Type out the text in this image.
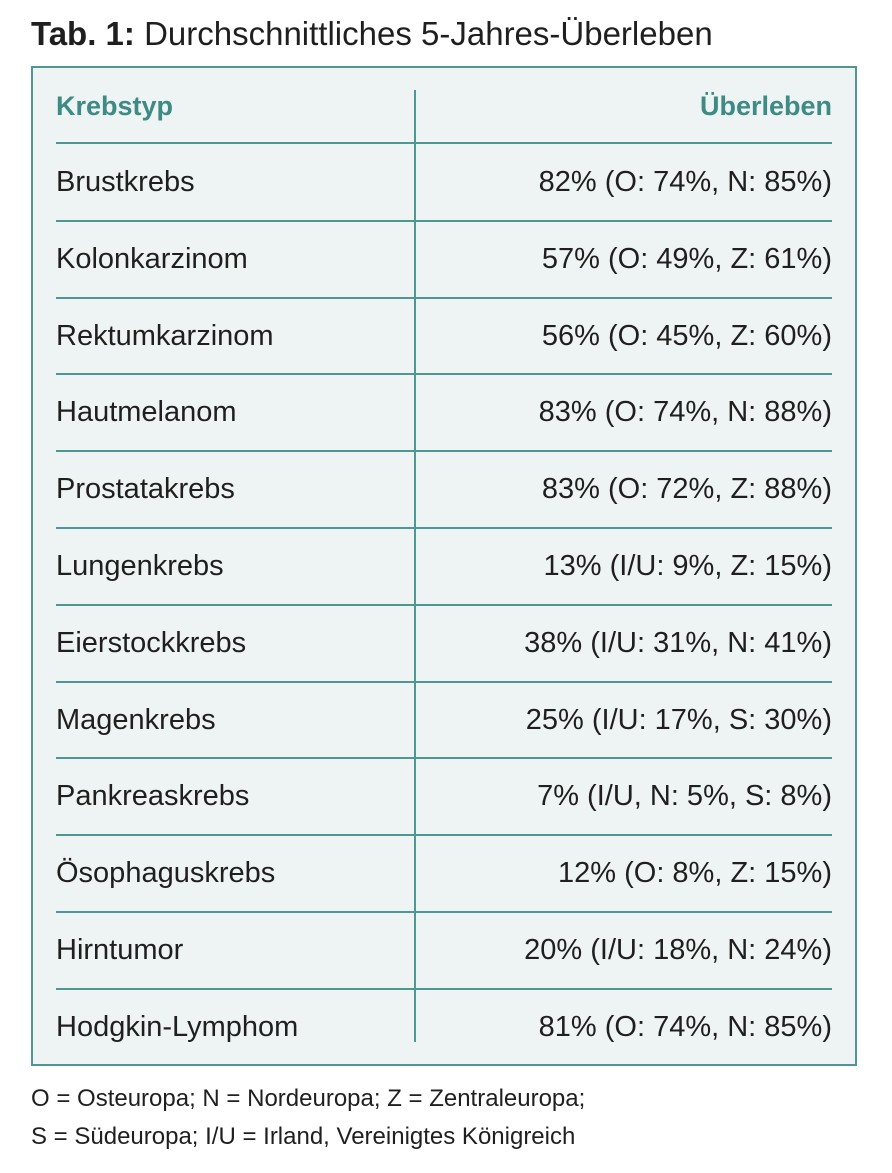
Tab. 1: Durchschnittliches 5-Jahres-Überleben
Krebstyp	Überleben
Brustkrebs	82% (O: 74%, N: 85%)
Kolonkarzinom	57% (O: 49%, Z: 61%)
Rektumkarzinom	56% (O: 45%, Z: 60%)
Hautmelanom	83% (O: 74%, N: 88%)
Prostatakrebs	83% (O: 72%, Z: 88%)
Lungenkrebs	13% (I/U: 9%, Z: 15%)
Eierstockkrebs	38% (I/U: 31%, N: 41%)
Magenkrebs	25% (I/U: 17%, S: 30%)
Pankreaskrebs	7% (I/U, N: 5%, S: 8%)
Ösophaguskrebs	12% (O: 8%, Z: 15%)
Hirntumor	20% (I/U: 18%, N: 24%)
Hodgkin-Lymphom	81% (O: 74%, N: 85%)
O = Osteuropa; N = Nordeuropa; Z = Zentraleuropa;
S = Südeuropa; I/U = Irland, Vereinigtes Königreich
